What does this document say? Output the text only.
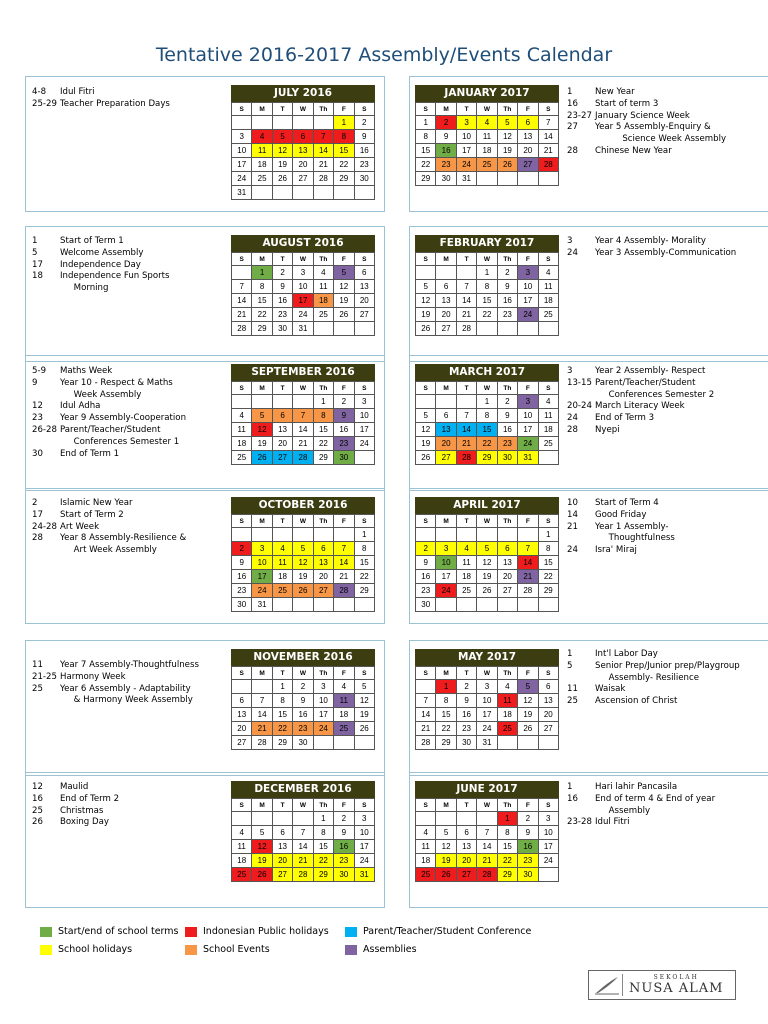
Tentative 2016-2017 Assembly/Events Calendar
4-8	Idul Fitri
25-29 Teacher Preparation Days
JULY 2016
S	M	T	W	Th	F	S
					1	2
3	4	5	6	7	8	9
10	11	12	13	14	15	16
17	18	19	20	21	22	23
24	25	26	27	28	29	30
31						
1	New Year
16	Start of term 3
23-27 January Science Week
27	Year 5 Assembly-Enquiry &
Science Week Assembly
28	Chinese New Year
JANUARY 2017
S	M	T	W	Th	F	S
1	2	3	4	5	6	7
8	9	10	11	12	13	14
15	16	17	18	19	20	21
22	23	24	25	26	27	28
29	30	31				
1	Start of Term 1
5	Welcome Assembly
17	Independence Day
18	Independence Fun Sports
Morning
AUGUST 2016
S	M	T	W	Th	F	S
	1	2	3	4	5	6
7	8	9	10	11	12	13
14	15	16	17	18	19	20
21	22	23	24	25	26	27
28	29	30	31			
3	Year 4 Assembly- Morality
24	Year 3 Assembly-Communication
FEBRUARY 2017
S	M	T	W	Th	F	S
			1	2	3	4
5	6	7	8	9	10	11
12	13	14	15	16	17	18
19	20	21	22	23	24	25
26	27	28				
5-9	Maths Week
9	Year 10 - Respect & Maths
Week Assembly
12	Idul Adha
23	Year 9 Assembly-Cooperation
26-28 Parent/Teacher/Student
Conferences Semester 1
30	End of Term 1
SEPTEMBER 2016
S	M	T	W	Th	F	S
				1	2	3
4	5	6	7	8	9	10
11	12	13	14	15	16	17
18	19	20	21	22	23	24
25	26	27	28	29	30	
3	Year 2 Assembly- Respect
13-15 Parent/Teacher/Student
Conferences Semester 2
20-24 March Literacy Week
24	End of Term 3
28	Nyepi
MARCH 2017
S	M	T	W	Th	F	S
			1	2	3	4
5	6	7	8	9	10	11
12	13	14	15	16	17	18
19	20	21	22	23	24	25
26	27	28	29	30	31	
2	Islamic New Year
17	Start of Term 2
24-28 Art Week
28	Year 8 Assembly-Resilience &
Art Week Assembly
OCTOBER 2016
S	M	T	W	Th	F	S
						1
2	3	4	5	6	7	8
9	10	11	12	13	14	15
16	17	18	19	20	21	22
23	24	25	26	27	28	29
30	31					
10	Start of Term 4
14	Good Friday
21	Year 1 Assembly-
Thoughtfulness
24	Isra' Miraj
APRIL 2017
S	M	T	W	Th	F	S
						1
2	3	4	5	6	7	8
9	10	11	12	13	14	15
16	17	18	19	20	21	22
23	24	25	26	27	28	29
30						
11	Year 7 Assembly-Thoughtfulness
21-25 Harmony Week
25	Year 6 Assembly - Adaptability
& Harmony Week Assembly
NOVEMBER 2016
S	M	T	W	Th	F	S
		1	2	3	4	5
6	7	8	9	10	11	12
13	14	15	16	17	18	19
20	21	22	23	24	25	26
27	28	29	30			
1	Int'l Labor Day
5	Senior Prep/Junior prep/Playgroup
Assembly- Resilience
11	Waisak
25	Ascension of Christ
MAY 2017
S	M	T	W	Th	F	S
	1	2	3	4	5	6
7	8	9	10	11	12	13
14	15	16	17	18	19	20
21	22	23	24	25	26	27
28	29	30	31			
12	Maulid
16	End of Term 2
25	Christmas
26	Boxing Day
DECEMBER 2016
S	M	T	W	Th	F	S
				1	2	3
4	5	6	7	8	9	10
11	12	13	14	15	16	17
18	19	20	21	22	23	24
25	26	27	28	29	30	31
1	Hari lahir Pancasila
16	End of term 4 & End of year
Assembly
23-28 Idul Fitri
JUNE 2017
S	M	T	W	Th	F	S
				1	2	3
4	5	6	7	8	9	10
11	12	13	14	15	16	17
18	19	20	21	22	23	24
25	26	27	28	29	30	
Start/end of school terms	Indonesian Public holidays	Parent/Teacher/Student Conference
School holidays	School Events	Assemblies
SEKOLAH
NUSA ALAM
